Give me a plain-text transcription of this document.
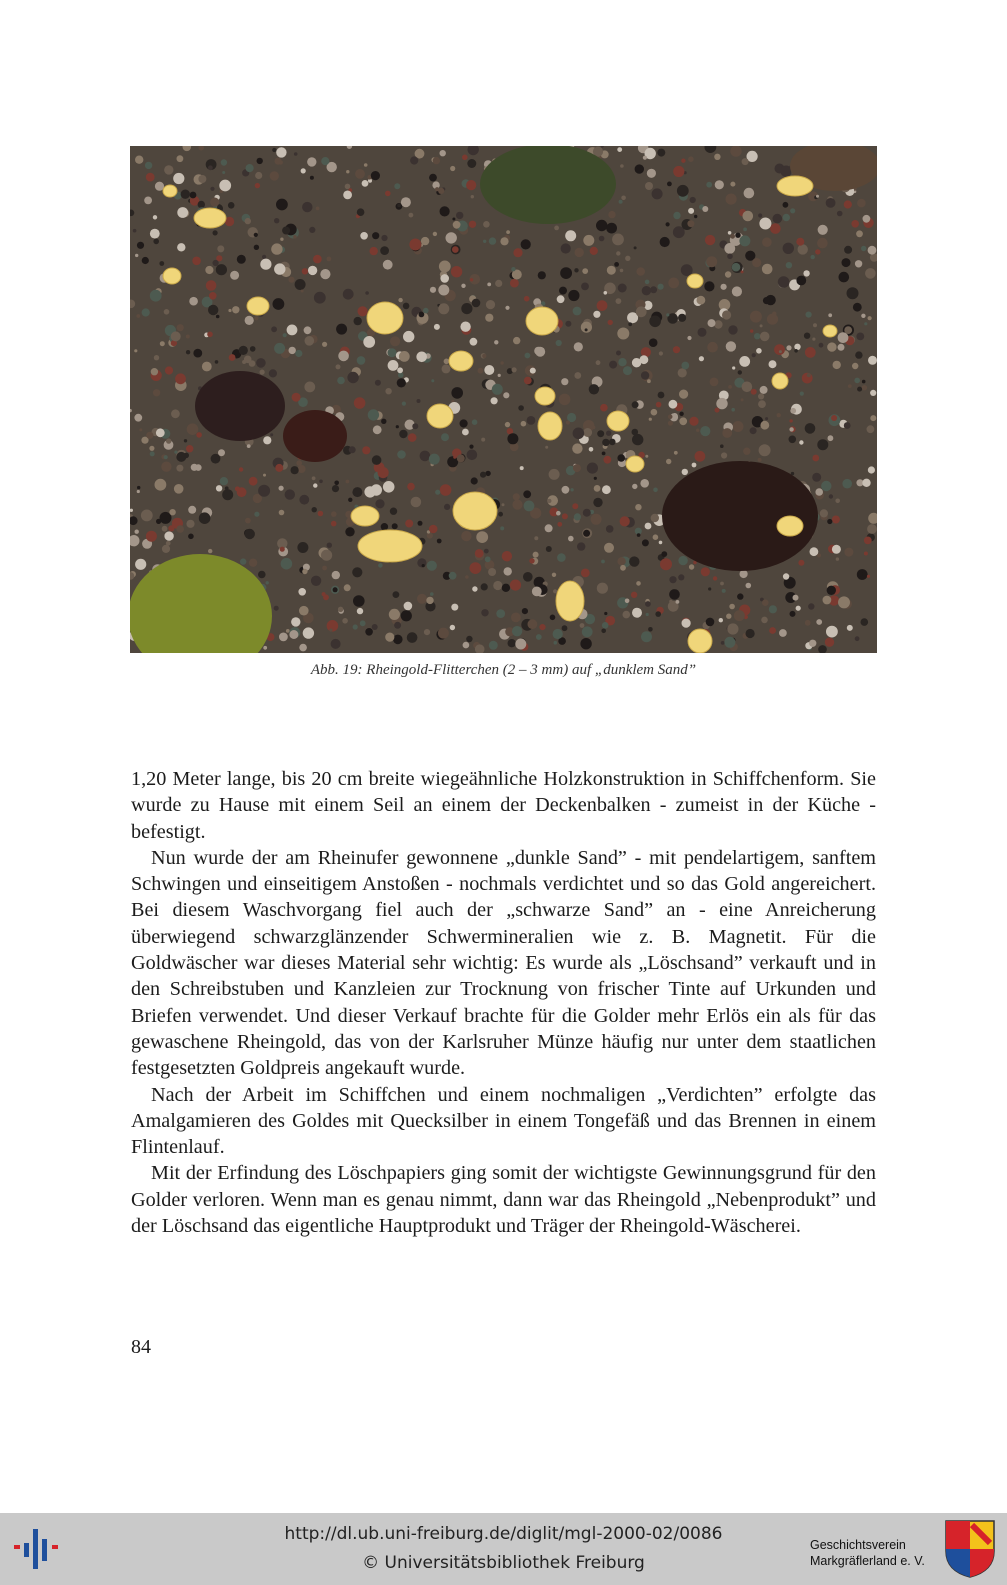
Abb. 19: Rheingold-Flitterchen (2 – 3 mm) auf „dunklem Sand”

1,20 Meter lange, bis 20 cm breite wiegeähnliche Holzkonstruktion in Schiffchenform. Sie wurde zu Hause mit einem Seil an einem der Deckenbalken - zumeist in der Küche - befestigt.

Nun wurde der am Rheinufer gewonnene „dunkle Sand” - mit pendelartigem, sanftem Schwingen und einseitigem Anstoßen - nochmals verdichtet und so das Gold angereichert. Bei diesem Waschvorgang fiel auch der „schwarze Sand” an - eine Anreicherung überwiegend schwarzglänzender Schwermineralien wie z. B. Magnetit. Für die Goldwäscher war dieses Material sehr wichtig: Es wurde als „Löschsand” verkauft und in den Schreibstuben und Kanzleien zur Trocknung von frischer Tinte auf Urkunden und Briefen verwendet. Und dieser Verkauf brachte für die Golder mehr Erlös ein als für das gewaschene Rheingold, das von der Karlsruher Münze häufig nur unter dem staatlichen festgesetzten Goldpreis angekauft wurde.

Nach der Arbeit im Schiffchen und einem nochmaligen „Verdichten” erfolgte das Amalgamieren des Goldes mit Quecksilber in einem Tongefäß und das Brennen in einem Flintenlauf.

Mit der Erfindung des Löschpapiers ging somit der wichtigste Gewinnungsgrund für den Golder verloren. Wenn man es genau nimmt, dann war das Rheingold „Nebenprodukt” und der Löschsand das eigentliche Hauptprodukt und Träger der Rheingold-Wäscherei.

84
http://dl.ub.uni-freiburg.de/diglit/mgl-2000-02/0086
© Universitätsbibliothek Freiburg
Geschichtsverein
Markgräflerland e. V.
